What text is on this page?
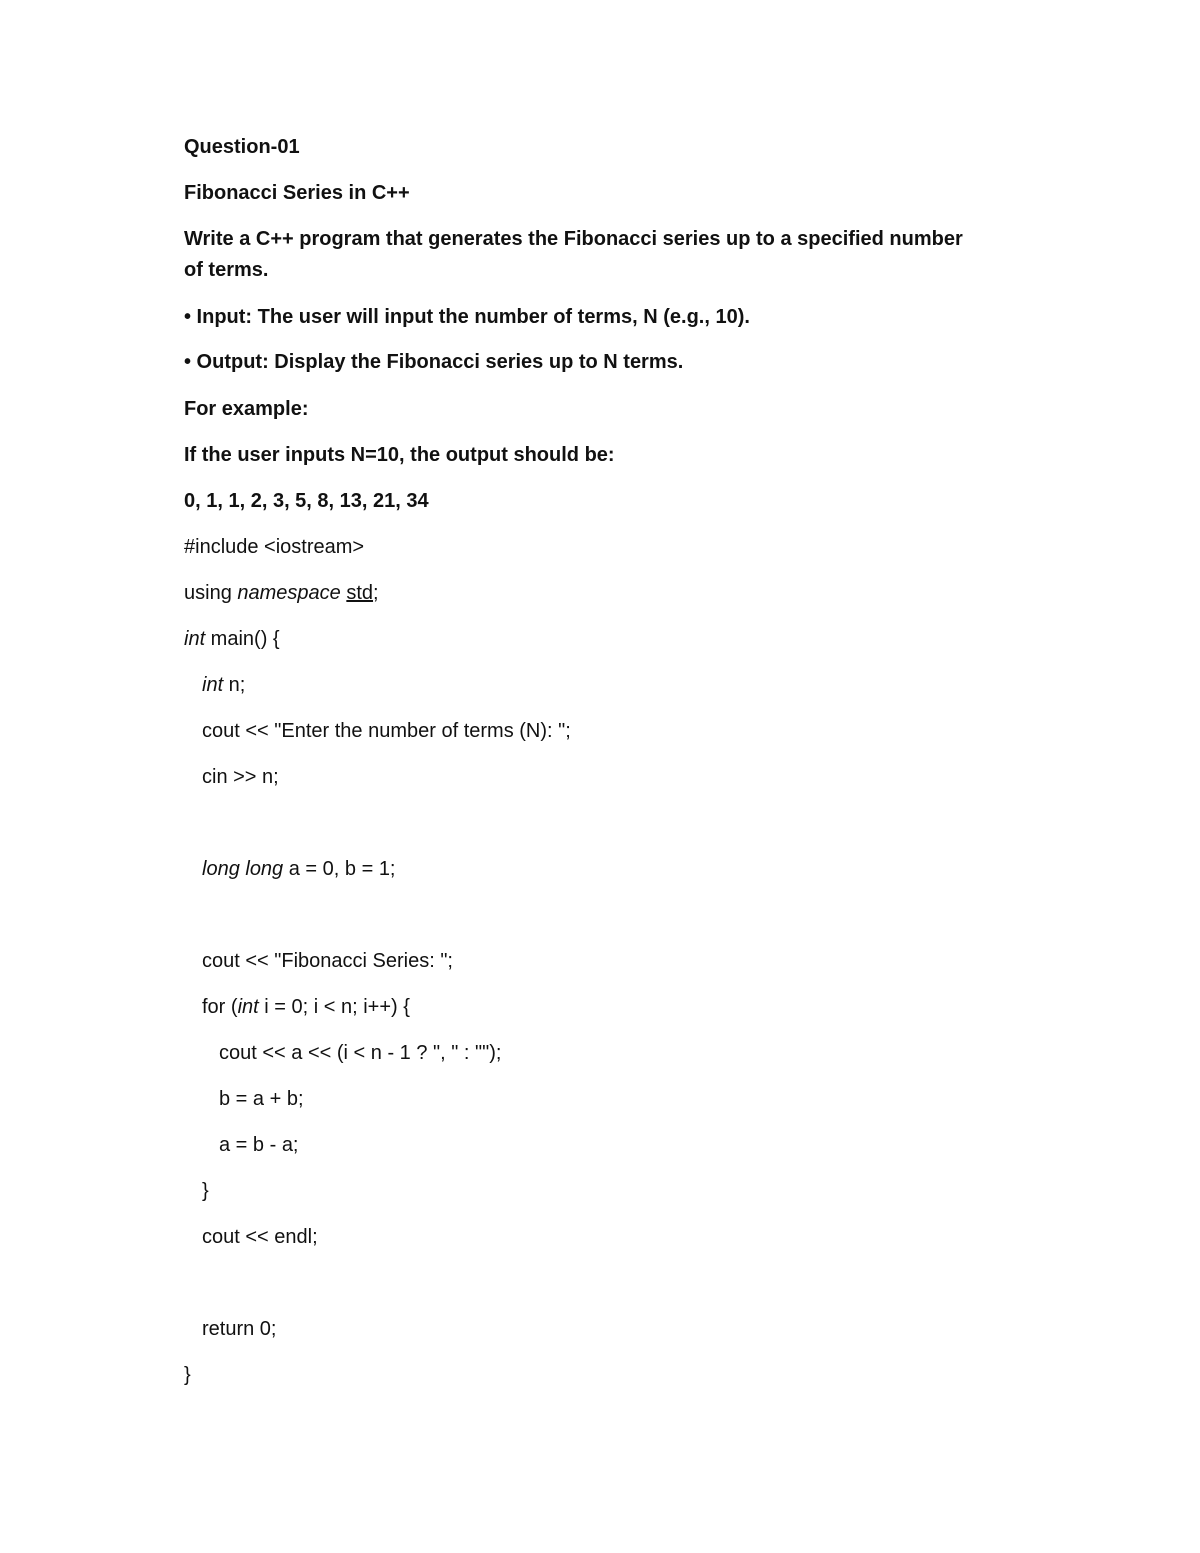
Question-01
Fibonacci Series in C++
Write a C++ program that generates the Fibonacci series up to a specified number
of terms.
• Input: The user will input the number of terms, N (e.g., 10).
• Output: Display the Fibonacci series up to N terms.
For example:
If the user inputs N=10, the output should be:
0, 1, 1, 2, 3, 5, 8, 13, 21, 34
#include <iostream>
using namespace std;
int main() {
int n;
cout << "Enter the number of terms (N): ";
cin >> n;
long long a = 0, b = 1;
cout << "Fibonacci Series: ";
for (int i = 0; i < n; i++) {
cout << a << (i < n - 1 ? ", " : "");
b = a + b;
a = b - a;
}
cout << endl;
return 0;
}
